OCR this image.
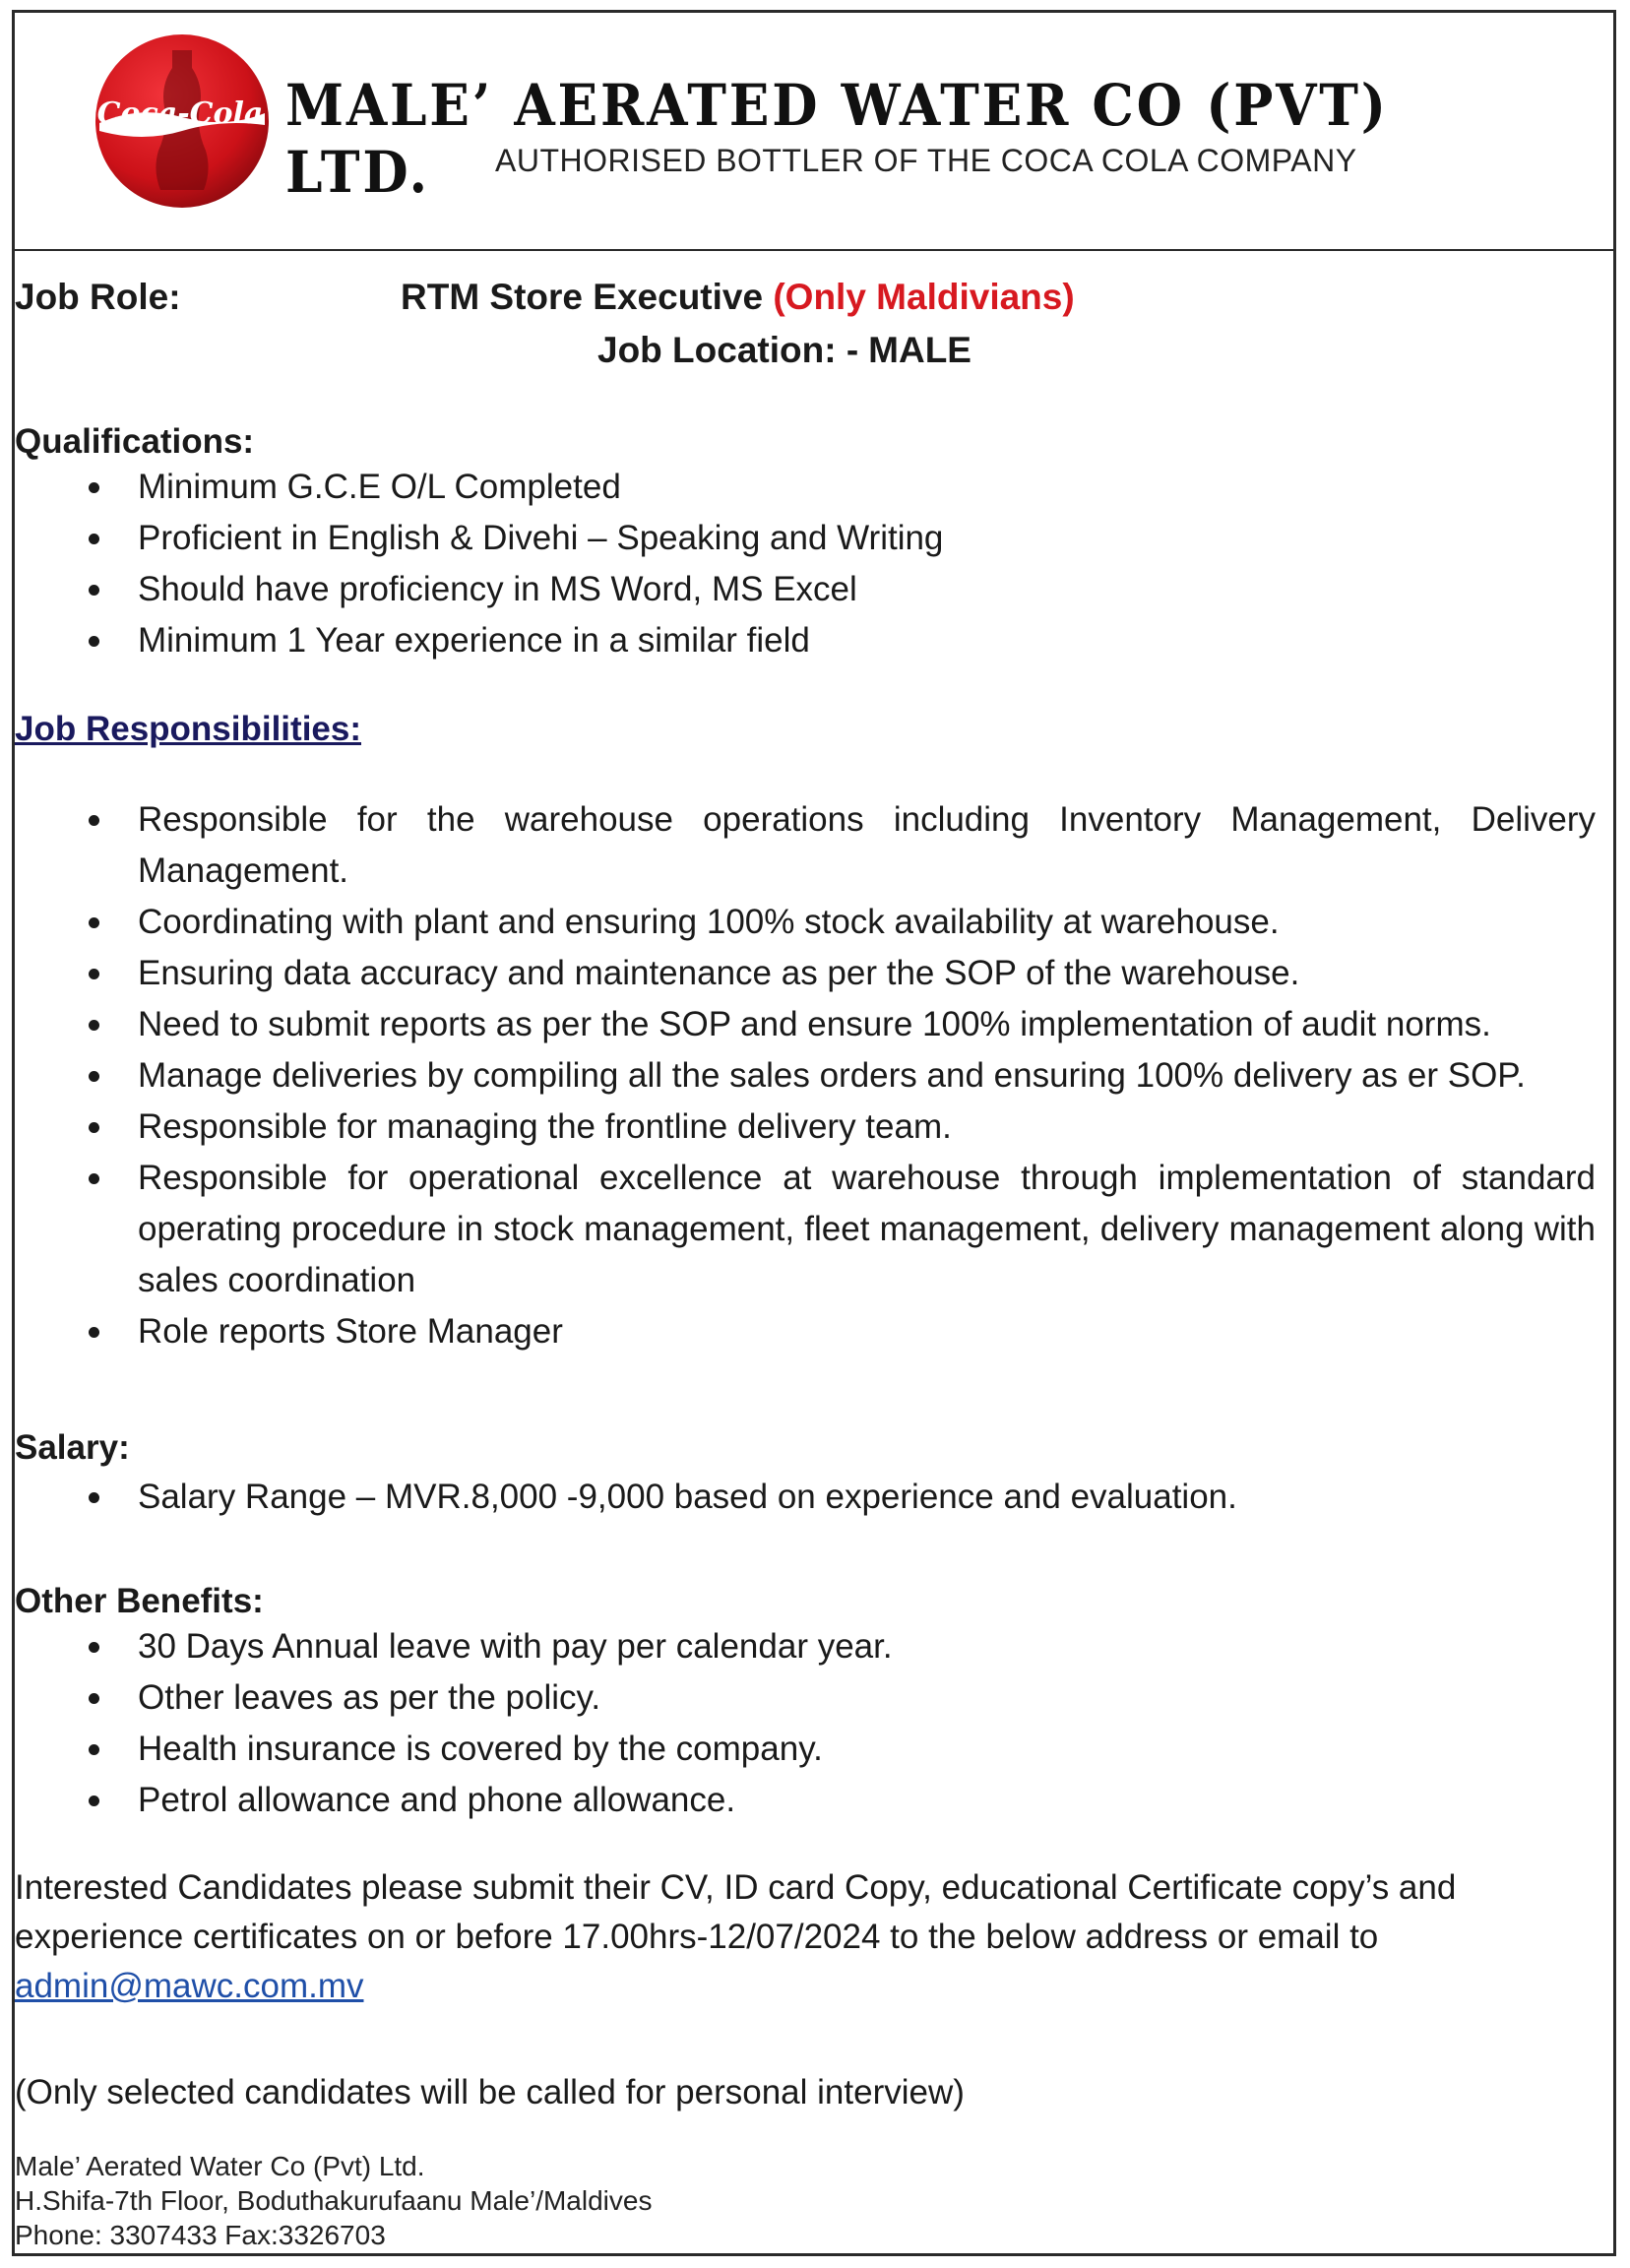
Coca-Cola MALE’ AERATED WATER CO (PVT) LTD.	AUTHORISED BOTTLER OF THE COCA COLA COMPANY
Job Role:	RTM Store Executive (Only Maldivians)
Job Location: - MALE

Qualifications:

Minimum G.C.E O/L Completed
Proficient in English & Divehi – Speaking and Writing
Should have proficiency in MS Word, MS Excel
Minimum 1 Year experience in a similar field

Job Responsibilities:

Responsible for the warehouse operations including Inventory Management, Delivery Management.
Coordinating with plant and ensuring 100% stock availability at warehouse.
Ensuring data accuracy and maintenance as per the SOP of the warehouse.
Need to submit reports as per the SOP and ensure 100% implementation of audit norms.
Manage deliveries by compiling all the sales orders and ensuring 100% delivery as er SOP.
Responsible for managing the frontline delivery team.
Responsible for operational excellence at warehouse through implementation of standard operating procedure in stock management, fleet management, delivery management along with sales coordination
Role reports Store Manager

Salary:

Salary Range – MVR.8,000 -9,000 based on experience and evaluation.

Other Benefits:

30 Days Annual leave with pay per calendar year.
Other leaves as per the policy.
Health insurance is covered by the company.
Petrol allowance and phone allowance.
Interested Candidates please submit their CV, ID card Copy, educational Certificate copy’s and experience certificates on or before 17.00hrs-12/07/2024 to the below address or email to
admin@mawc.com.mv
(Only selected candidates will be called for personal interview)
Male’ Aerated Water Co (Pvt) Ltd.
H.Shifa-7th Floor, Boduthakurufaanu Male’/Maldives
Phone: 3307433 Fax:3326703
